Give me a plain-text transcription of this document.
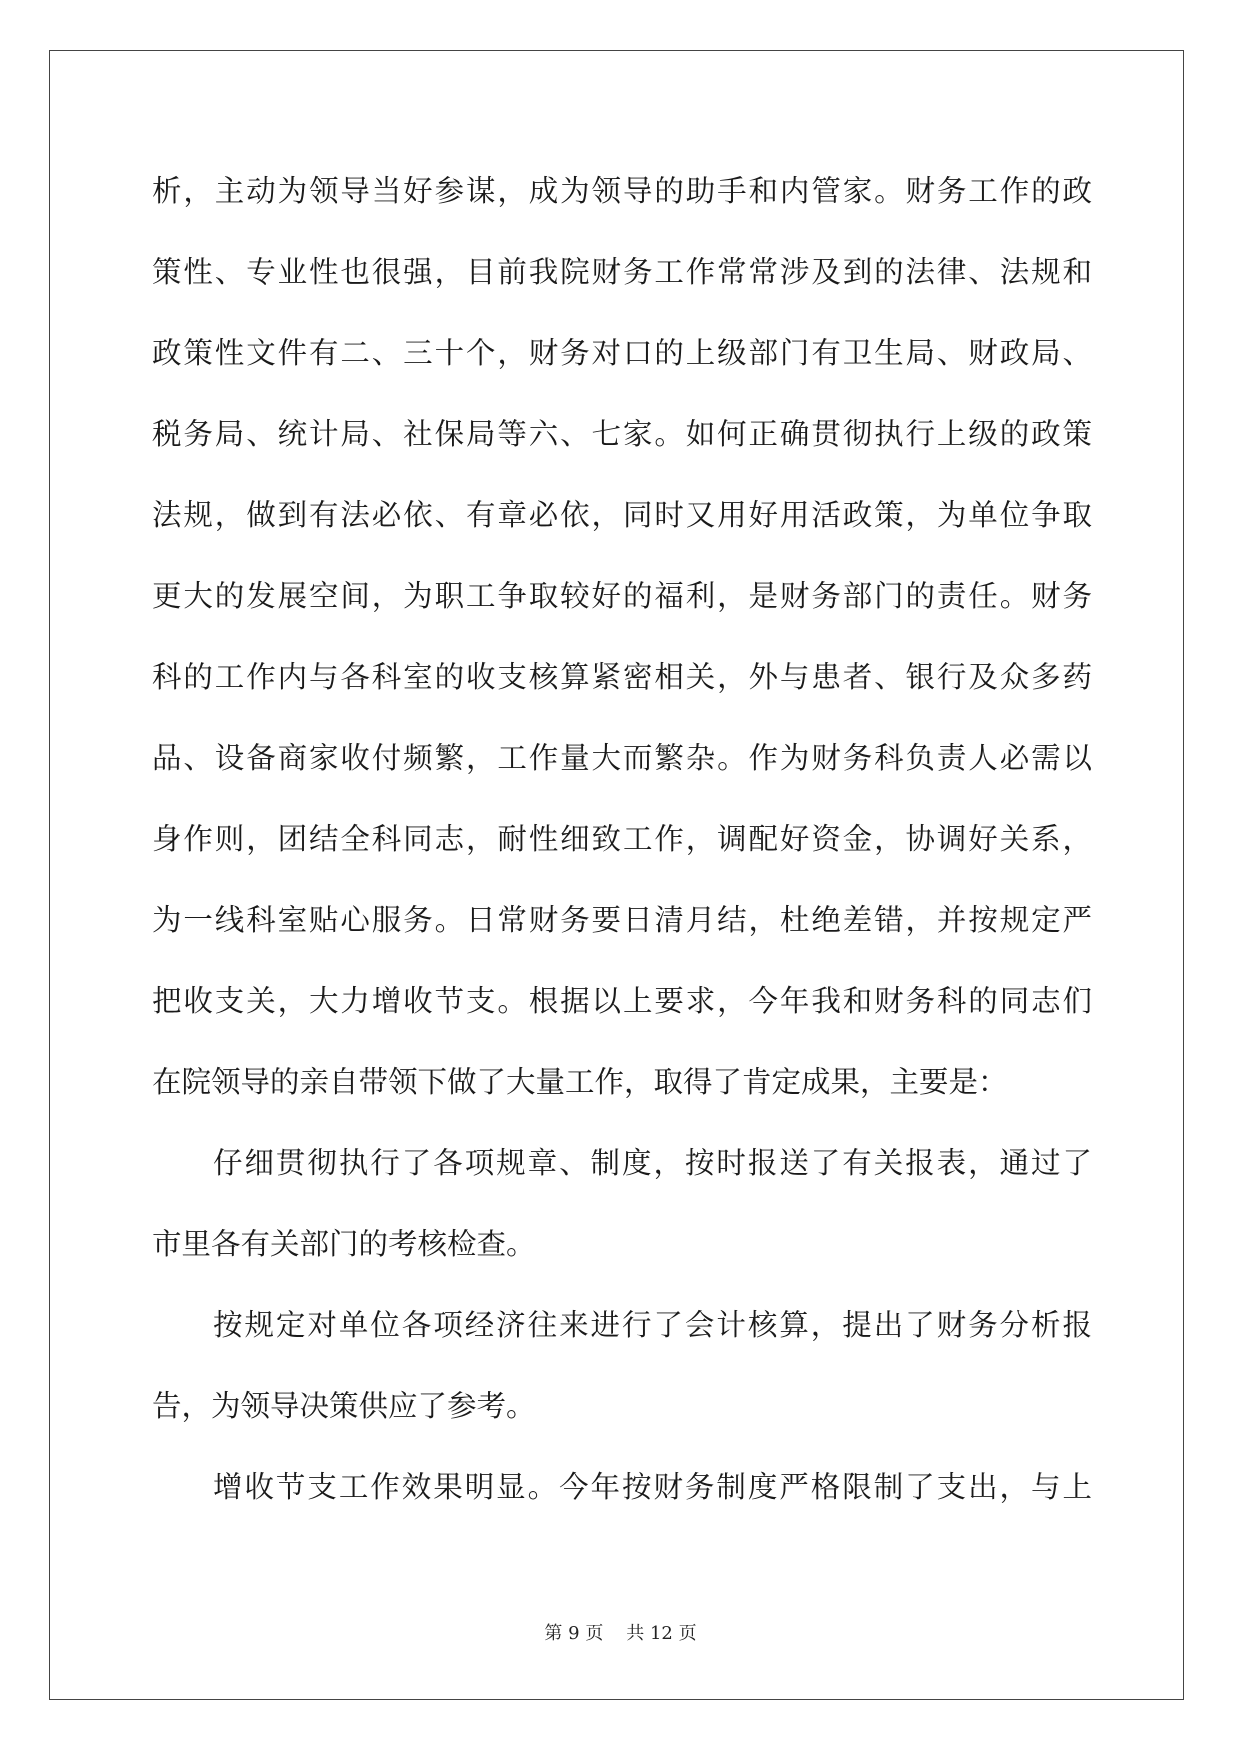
析，主动为领导当好参谋，成为领导的助手和内管家。财务工作的政
策性、专业性也很强，目前我院财务工作常常涉及到的法律、法规和
政策性文件有二、三十个，财务对口的上级部门有卫生局、财政局、
税务局、统计局、社保局等六、七家。如何正确贯彻执行上级的政策
法规，做到有法必依、有章必依，同时又用好用活政策，为单位争取
更大的发展空间，为职工争取较好的福利，是财务部门的责任。财务
科的工作内与各科室的收支核算紧密相关，外与患者、银行及众多药
品、设备商家收付频繁，工作量大而繁杂。作为财务科负责人必需以
身作则，团结全科同志，耐性细致工作，调配好资金，协调好关系，
为一线科室贴心服务。日常财务要日清月结，杜绝差错，并按规定严
把收支关，大力增收节支。根据以上要求，今年我和财务科的同志们
在院领导的亲自带领下做了大量工作，取得了肯定成果，主要是：
仔细贯彻执行了各项规章、制度，按时报送了有关报表，通过了
市里各有关部门的考核检查。
按规定对单位各项经济往来进行了会计核算，提出了财务分析报
告，为领导决策供应了参考。
增收节支工作效果明显。今年按财务制度严格限制了支出，与上
第 9 页 共 12 页
